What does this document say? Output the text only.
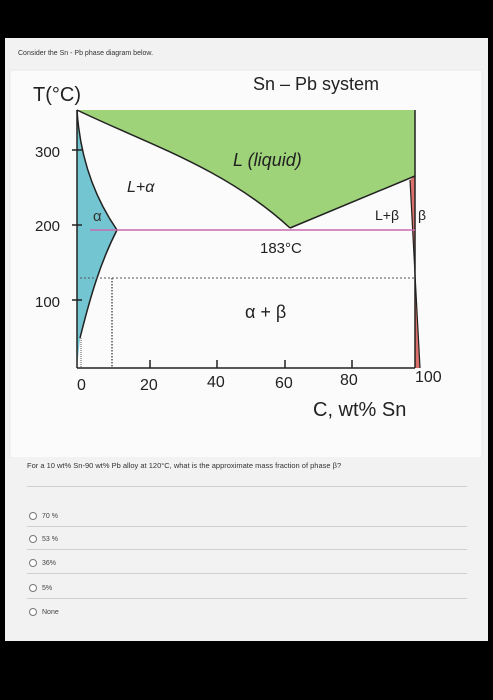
Consider the Sn - Pb phase diagram below.
T(°C)	Sn – Pb system
300
200
100
0	20	40	60	80	100
C, wt% Sn
L (liquid)
L+α
α	L+β β
183°C
α + β
For a 10 wt% Sn-90 wt% Pb alloy at 120°C, what is the approximate mass fraction of phase β?
70 %
53 %
36%
5%
None
